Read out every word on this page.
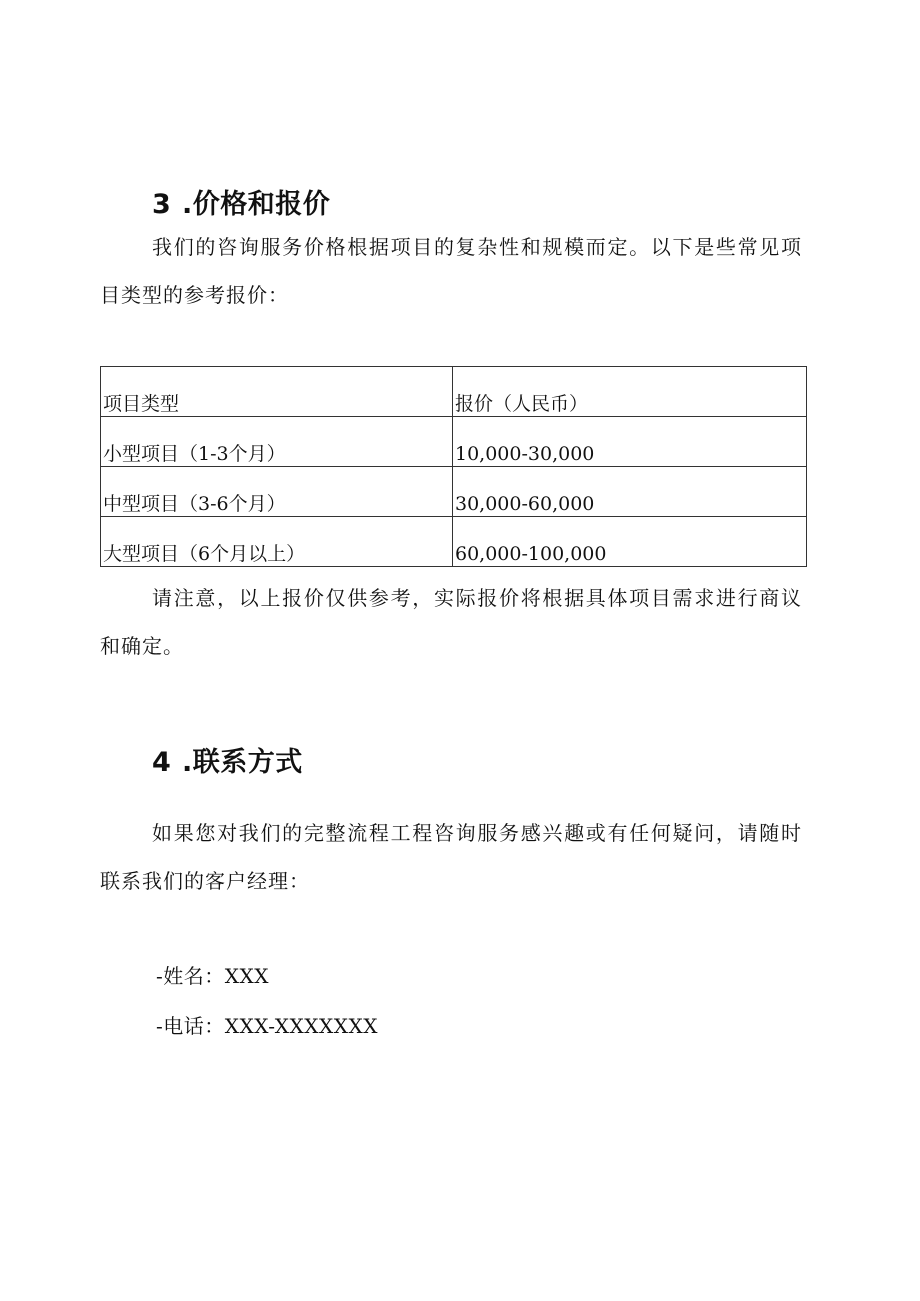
3 .价格和报价

我们的咨询服务价格根据项目的复杂性和规模而定。以下是些常见项目类型的参考报价：

项目类型	报价（人民币）

小型项目（1-3个月）	10,000-30,000

中型项目（3-6个月）	30,000-60,000

大型项目（6个月以上）	60,000-100,000

请注意，以上报价仅供参考，实际报价将根据具体项目需求进行商议和确定。

4 .联系方式

如果您对我们的完整流程工程咨询服务感兴趣或有任何疑问，请随时联系我们的客户经理：

-姓名：XXX
-电话：XXX-XXXXXXX
